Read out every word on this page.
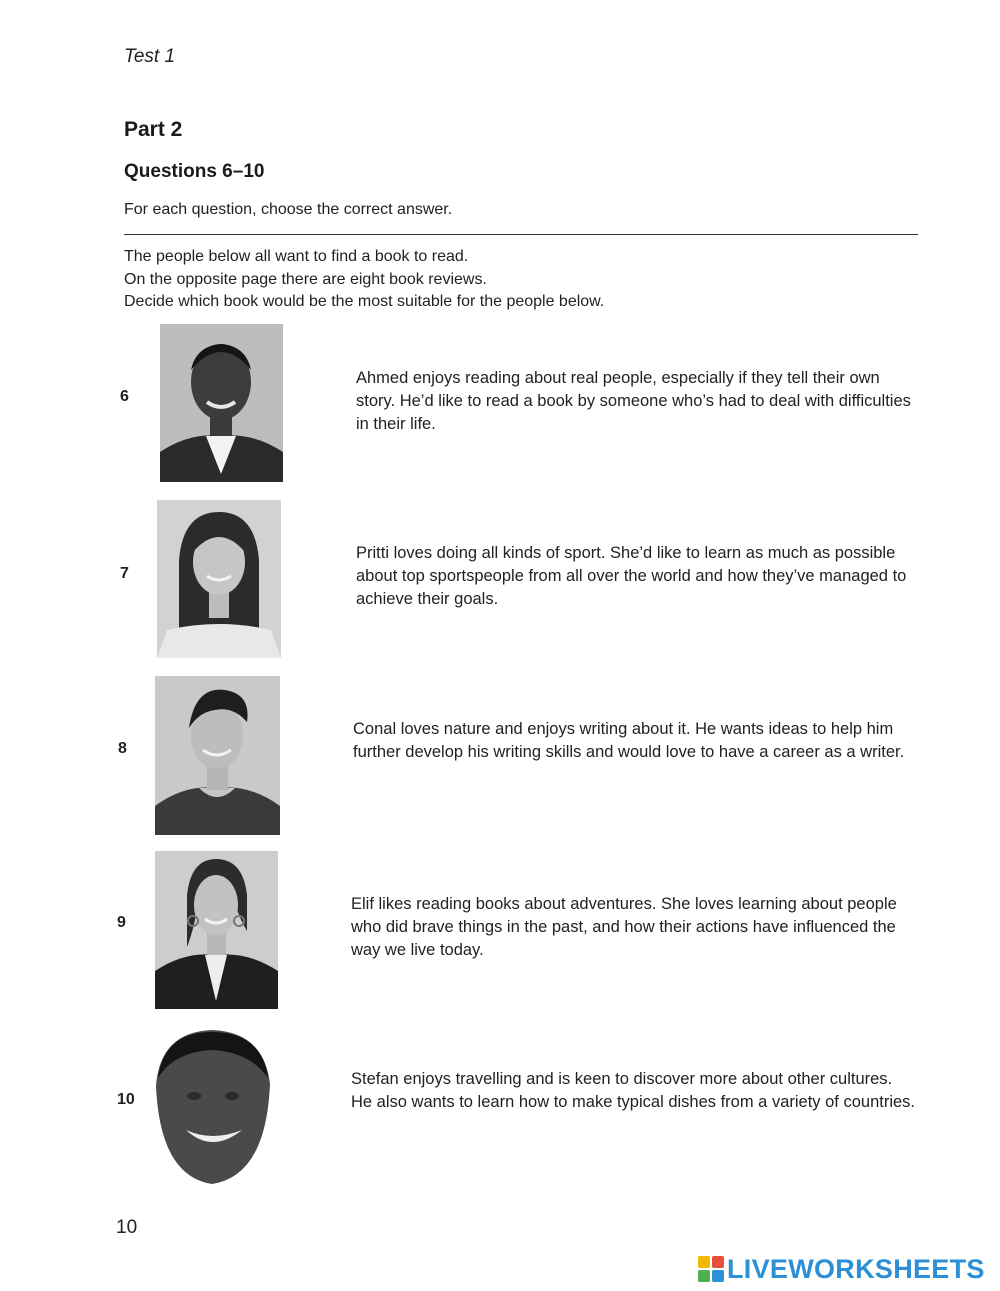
Test 1
Part 2
Questions 6–10
For each question, choose the correct answer.
The people below all want to find a book to read.
On the opposite page there are eight book reviews.
Decide which book would be the most suitable for the people below.
6
Ahmed enjoys reading about real people, especially if they tell their own story. He’d like to read a book by someone who’s had to deal with difficulties in their life.
7
Pritti loves doing all kinds of sport. She’d like to learn as much as possible about top sportspeople from all over the world and how they’ve managed to achieve their goals.
8
Conal loves nature and enjoys writing about it. He wants ideas to help him further develop his writing skills and would love to have a career as a writer.
9
Elif likes reading books about adventures. She loves learning about people who did brave things in the past, and how their actions have influenced the way we live today.
10
Stefan enjoys travelling and is keen to discover more about other cultures. He also wants to learn how to make typical dishes from a variety of countries.
10
LIVEWORKSHEETS
